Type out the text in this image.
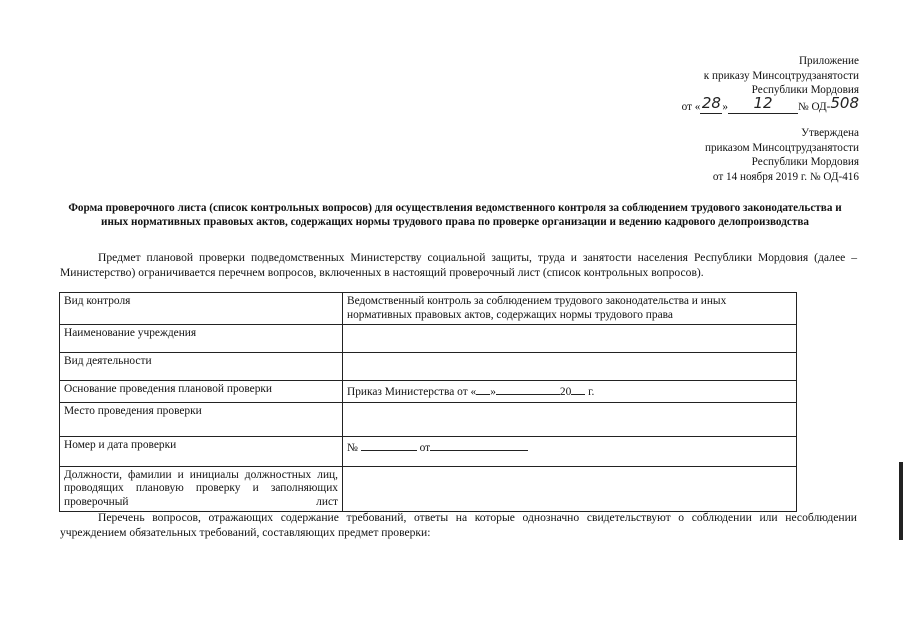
Приложение
к приказу Минсоцтрудзанятости
Республики Мордовия
от «28» 12 № ОД-508
Утверждена
приказом Минсоцтрудзанятости
Республики Мордовия
от 14 ноября 2019 г. № ОД-416
Форма проверочного листа (список контрольных вопросов) для осуществления ведомственного контроля за соблюдением трудового законодательства и иных нормативных правовых актов, содержащих нормы трудового права по проверке организации и ведению кадрового делопроизводства
Предмет плановой проверки подведомственных Министерству социальной защиты, труда и занятости населения Республики Мордовия (далее – Министерство) ограничивается перечнем вопросов, включенных в настоящий проверочный лист (список контрольных вопросов).
Вид контроля	Ведомственный контроль за соблюдением трудового законодательства и иных нормативных правовых актов, содержащих нормы трудового права
Наименование учреждения	
Вид деятельности	
Основание проведения плановой проверки	Приказ Министерства от « » 20 г.
Место проведения проверки	
Номер и дата проверки	№ от
Должности, фамилии и инициалы должностных лиц, проводящих плановую проверку и заполняющих проверочный лист	
Перечень вопросов, отражающих содержание требований, ответы на которые однозначно свидетельствуют о соблюдении или несоблюдении учреждением обязательных требований, составляющих предмет проверки:
